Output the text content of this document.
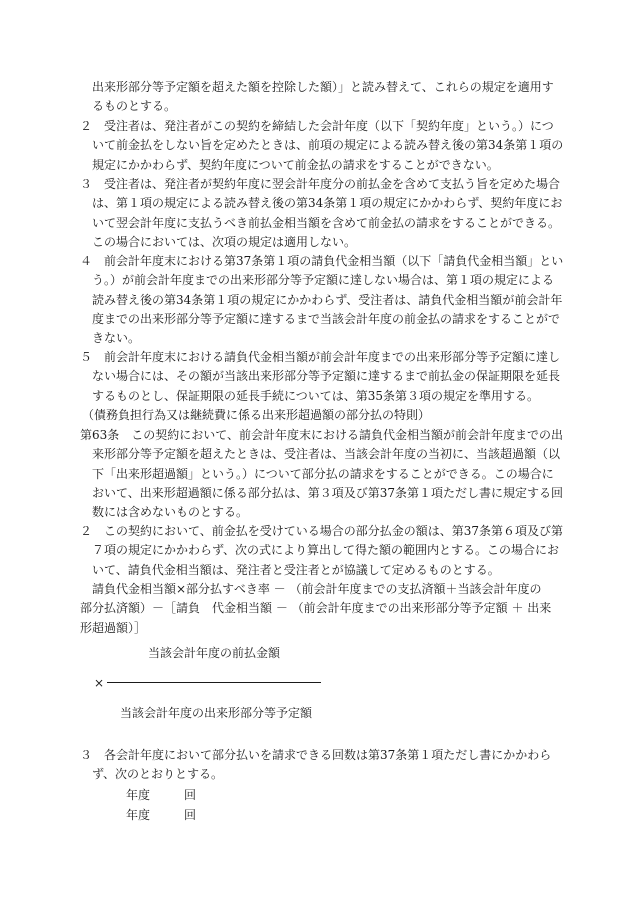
出来形部分等予定額を超えた額を控除した額）」と読み替えて、これらの規定を適用するものとする。

２　受注者は、発注者がこの契約を締結した会計年度（以下「契約年度」という。）について前金払をしない旨を定めたときは、前項の規定による読み替え後の第34条第１項の規定にかかわらず、契約年度について前金払の請求をすることができない。

３　受注者は、発注者が契約年度に翌会計年度分の前払金を含めて支払う旨を定めた場合は、第１項の規定による読み替え後の第34条第１項の規定にかかわらず、契約年度において翌会計年度に支払うべき前払金相当額を含めて前金払の請求をすることができる。この場合においては、次項の規定は適用しない。

４　前会計年度末における第37条第１項の請負代金相当額（以下「請負代金相当額」という。）が前会計年度までの出来形部分等予定額に達しない場合は、第１項の規定による読み替え後の第34条第１項の規定にかかわらず、受注者は、請負代金相当額が前会計年度までの出来形部分等予定額に達するまで当該会計年度の前金払の請求をすることができない。

５　前会計年度末における請負代金相当額が前会計年度までの出来形部分等予定額に達しない場合には、その額が当該出来形部分等予定額に達するまで前払金の保証期限を延長するものとし、保証期限の延長手続については、第35条第３項の規定を準用する。

（債務負担行為又は継続費に係る出来形超過額の部分払の特則）

第63条　この契約において、前会計年度末における請負代金相当額が前会計年度までの出来形部分等予定額を超えたときは、受注者は、当該会計年度の当初に、当該超過額（以下「出来形超過額」という。）について部分払の請求をすることができる。この場合において、出来形超過額に係る部分払は、第３項及び第37条第１項ただし書に規定する回数には含めないものとする。

２　この契約において、前金払を受けている場合の部分払金の額は、第37条第６項及び第７項の規定にかかわらず、次の式により算出して得た額の範囲内とする。この場合において、請負代金相当額は、発注者と受注者とが協議して定めるものとする。

請負代金相当額×部分払すべき率 － （前会計年度までの支払済額＋当該会計年度の部分払済額）－［請負　代金相当額 － （前会計年度までの出来形部分等予定額 ＋ 出来形超過額）］

当該会計年度の前払金額
×
当該会計年度の出来形部分等予定額

３　各会計年度において部分払いを請求できる回数は第37条第１項ただし書にかかわらず、次のとおりとする。

年度	回
年度	回
